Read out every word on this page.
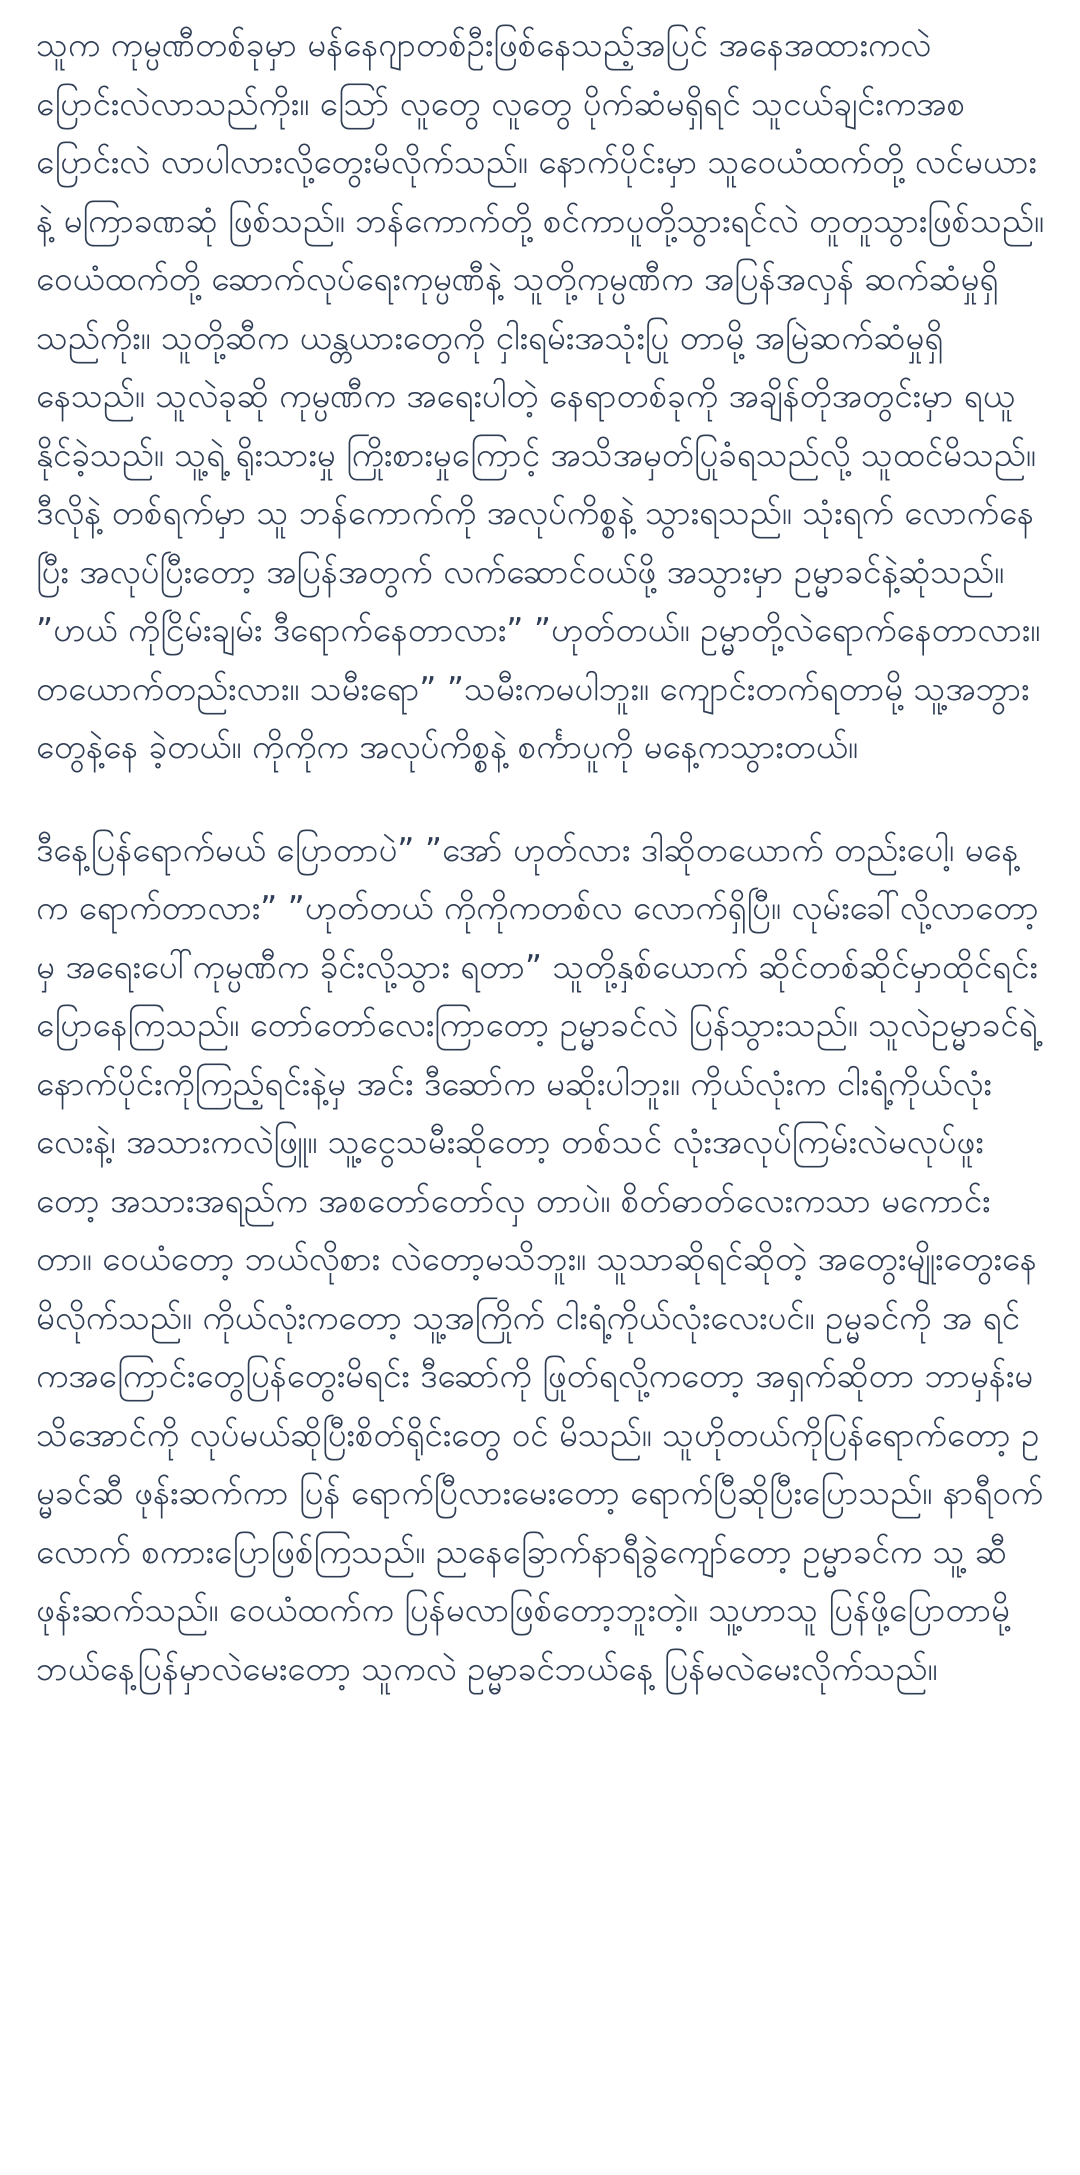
သူက ကုမ္ပဏီတစ်ခုမှာ မန်နေဂျာတစ်ဦးဖြစ်နေသည့်အပြင် အနေအထားကလဲ ပြောင်းလဲလာသည်ကိုး။ ဩော် လူတွေ လူတွေ ပိုက်ဆံမရှိရင် သူငယ်ချင်းကအစ ပြောင်းလဲ လာပါလားလို့တွေးမိလိုက်သည်။ နောက်ပိုင်းမှာ သူဝေယံထက်တို့ လင်မယားနဲ့ မကြာခဏဆုံ ဖြစ်သည်။ ဘန်ကောက်တို့ စင်ကာပူတို့သွားရင်လဲ တူတူသွားဖြစ်သည်။ ဝေယံထက်တို့ ဆောက်လုပ်ရေးကုမ္ပဏီနဲ့ သူတို့ကုမ္ပဏီက အပြန်အလှန် ဆက်ဆံမှုရှိသည်ကိုး။ သူတို့ဆီက ယန္တယားတွေကို ငှါးရမ်းအသုံးပြု တာမို့ အမြဲဆက်ဆံမှုရှိနေသည်။ သူလဲခုဆို ကုမ္ပဏီက အရေးပါတဲ့ နေရာတစ်ခုကို အချိန်တိုအတွင်းမှာ ရယူနိုင်ခဲ့သည်။ သူ့ရဲ့ ရိုးသားမှု ကြိုးစားမှုကြောင့် အသိအမှတ်ပြုခံရသည်လို့ သူထင်မိသည်။ ဒီလိုနဲ့ တစ်ရက်မှာ သူ ဘန်ကောက်ကို အလုပ်ကိစ္စနဲ့ သွားရသည်။ သုံးရက် လောက်နေပြီး အလုပ်ပြီးတော့ အပြန်အတွက် လက်ဆောင်ဝယ်ဖို့ အသွားမှာ ဥမ္မာခင်နဲ့ဆုံသည်။ ”ဟယ် ကိုငြိမ်းချမ်း ဒီရောက်နေတာလား” ”ဟုတ်တယ်။ ဥမ္မာတို့လဲရောက်နေတာလား။ တယောက်တည်းလား။ သမီးရော” ”သမီးကမပါဘူး။ ကျောင်းတက်ရတာမို့ သူ့အဘွားတွေနဲ့နေ ခဲ့တယ်။ ကိုကိုက အလုပ်ကိစ္စနဲ့ စင်္ကာပူကို မနေ့ကသွားတယ်။

ဒီနေ့ပြန်ရောက်မယ် ပြောတာပဲ” ”အော် ဟုတ်လား ဒါဆိုတယောက် တည်းပေါ့၊ မနေ့က ရောက်တာလား” ”ဟုတ်တယ် ကိုကိုကတစ်လ လောက်ရှိပြီ။ လုမ်းခေါ်လို့လာတော့မှ အရေးပေါ်ကုမ္ပဏီက ခိုင်းလို့သွား ရတာ” သူတို့နှစ်ယောက် ဆိုင်တစ်ဆိုင်မှာထိုင်ရင်း ပြောနေကြသည်။ တော်တော်လေးကြာတော့ ဥမ္မာခင်လဲ ပြန်သွားသည်။ သူလဲဥမ္မာခင်ရဲ့ နောက်ပိုင်းကိုကြည့်ရင်းနဲ့မှ အင်း ဒီဆော်က မဆိုးပါဘူး။ ကိုယ်လုံးက ငါးရံ့ကိုယ်လုံးလေးနဲ့၊ အသားကလဲဖြူ။ သူ့ငွေသမီးဆိုတော့ တစ်သင် လုံးအလုပ်ကြမ်းလဲမလုပ်ဖူးတော့ အသားအရည်က အစတော်တော်လှ တာပဲ။ စိတ်ဓာတ်လေးကသာ မကောင်းတာ။ ဝေယံတော့ ဘယ်လိုစား လဲတော့မသိဘူး။ သူသာဆိုရင်ဆိုတဲ့ အတွေးမျိုးတွေးနေမိလိုက်သည်။ ကိုယ်လုံးကတော့ သူ့အကြိုက် ငါးရံ့ကိုယ်လုံးလေးပင်။ ဥမ္မခင်ကို အ ရင်ကအကြောင်းတွေပြန်တွေးမိရင်း ဒီဆော်ကို ဖြုတ်ရလို့ကတော့ အရှက်ဆိုတာ ဘာမှန်းမသိအောင်ကို လုပ်မယ်ဆိုပြီးစိတ်ရိုင်းတွေ ဝင် မိသည်။ သူဟိုတယ်ကိုပြန်ရောက်တော့ ဥမ္မခင်ဆီ ဖုန်းဆက်ကာ ပြန် ရောက်ပြီလားမေးတော့ ရောက်ပြီဆိုပြီးပြောသည်။ နာရီဝက်လောက် စကားပြောဖြစ်ကြသည်။ ညနေခြောက်နာရီခွဲကျော်တော့ ဥမ္မာခင်က သူ့ ဆီဖုန်းဆက်သည်။ ဝေယံထက်က ပြန်မလာဖြစ်တော့ဘူးတဲ့။ သူ့ဟာသူ ပြန်ဖို့ပြောတာမို့ ဘယ်နေ့ပြန်မှာလဲမေးတော့ သူကလဲ ဥမ္မာခင်ဘယ်နေ့ ပြန်မလဲမေးလိုက်သည်။
